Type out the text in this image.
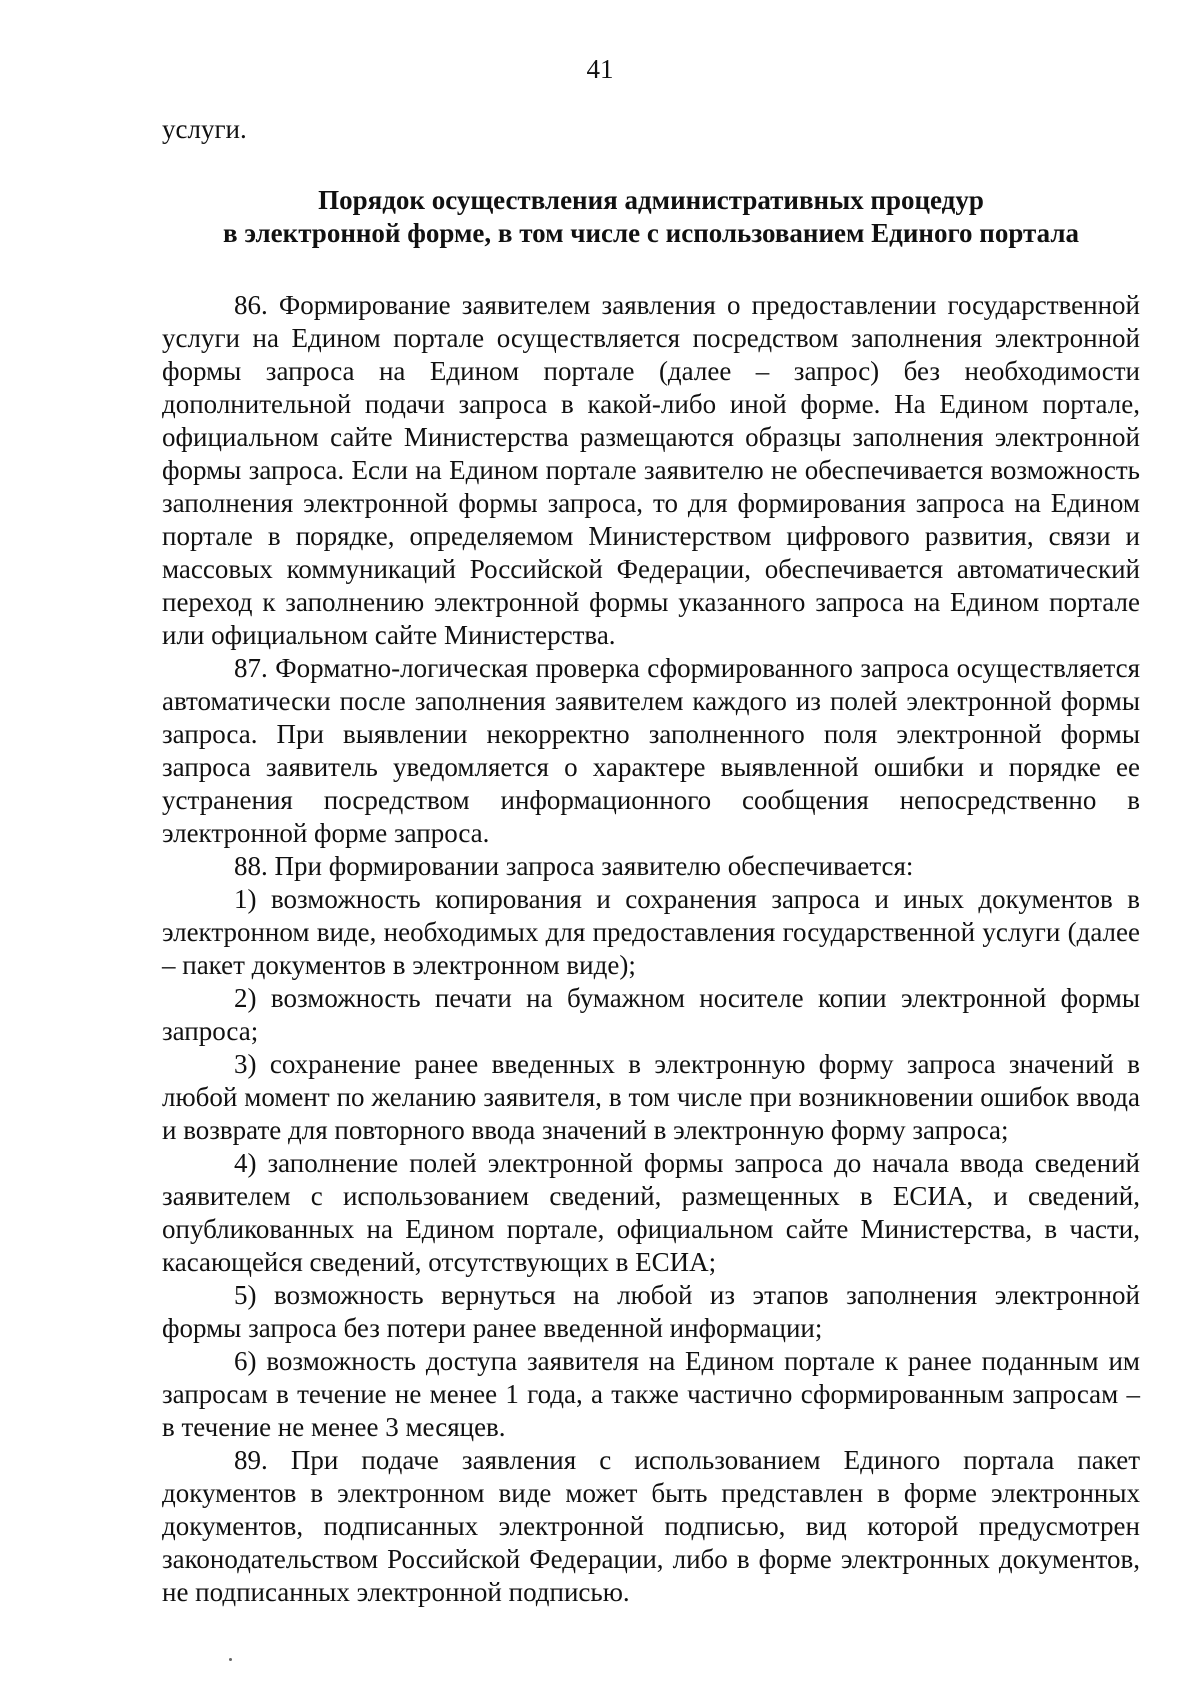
41

услуги.

Порядок осуществления административных процедур
в электронной форме, в том числе с использованием Единого портала

86. Формирование заявителем заявления о предоставлении государственной услуги на Едином портале осуществляется посредством заполнения электронной формы запроса на Едином портале (далее – запрос) без необходимости дополнительной подачи запроса в какой-либо иной форме. На Едином портале, официальном сайте Министерства размещаются образцы заполнения электронной формы запроса. Если на Едином портале заявителю не обеспечивается возможность заполнения электронной формы запроса, то для формирования запроса на Едином портале в порядке, определяемом Министерством цифрового развития, связи и массовых коммуникаций Российской Федерации, обеспечивается автоматический переход к заполнению электронной формы указанного запроса на Едином портале или официальном сайте Министерства.

87. Форматно-логическая проверка сформированного запроса осуществляется автоматически после заполнения заявителем каждого из полей электронной формы запроса. При выявлении некорректно заполненного поля электронной формы запроса заявитель уведомляется о характере выявленной ошибки и порядке ее устранения посредством информационного сообщения непосредственно в электронной форме запроса.

88. При формировании запроса заявителю обеспечивается:

1) возможность копирования и сохранения запроса и иных документов в электронном виде, необходимых для предоставления государственной услуги (далее – пакет документов в электронном виде);

2) возможность печати на бумажном носителе копии электронной формы запроса;

3) сохранение ранее введенных в электронную форму запроса значений в любой момент по желанию заявителя, в том числе при возникновении ошибок ввода и возврате для повторного ввода значений в электронную форму запроса;

4) заполнение полей электронной формы запроса до начала ввода сведений заявителем с использованием сведений, размещенных в ЕСИА, и сведений, опубликованных на Едином портале, официальном сайте Министерства, в части, касающейся сведений, отсутствующих в ЕСИА;

5) возможность вернуться на любой из этапов заполнения электронной формы запроса без потери ранее введенной информации;

6) возможность доступа заявителя на Едином портале к ранее поданным им запросам в течение не менее 1 года, а также частично сформированным запросам – в течение не менее 3 месяцев.

89. При подаче заявления с использованием Единого портала пакет документов в электронном виде может быть представлен в форме электронных документов, подписанных электронной подписью, вид которой предусмотрен законодательством Российской Федерации, либо в форме электронных документов, не подписанных электронной подписью.
